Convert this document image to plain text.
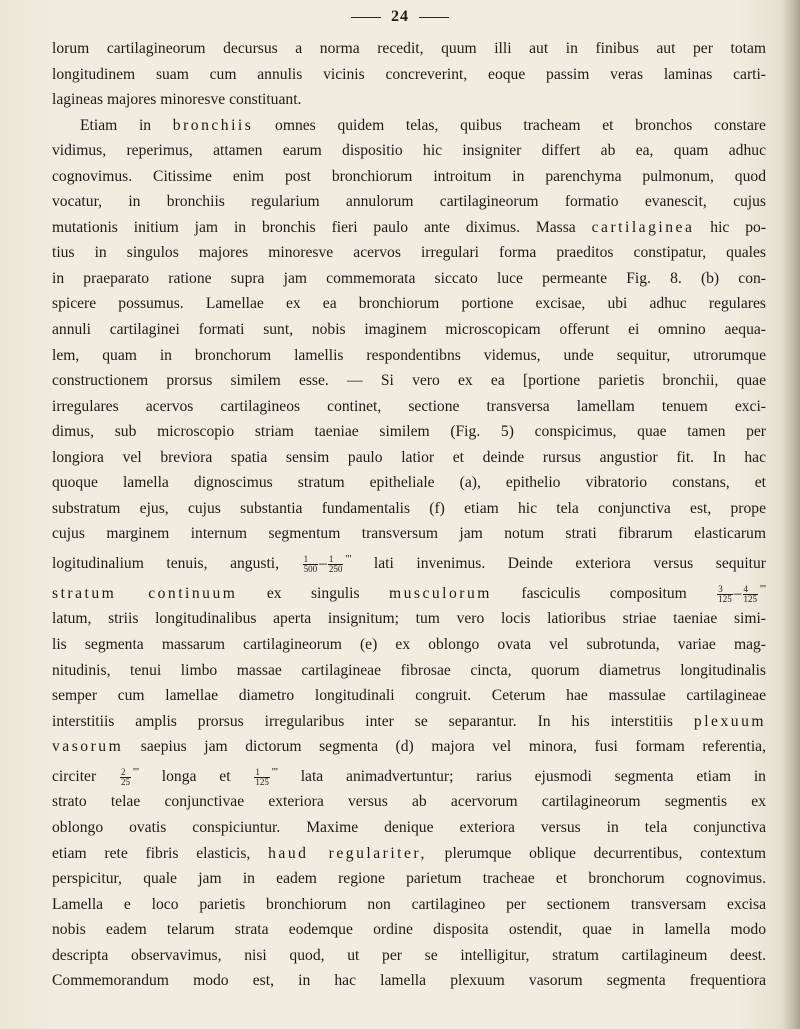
24
lorum cartilagineorum decursus a norma recedit, quum illi aut in finibus aut per totam
longitudinem suam cum annulis vicinis concreverint, eoque passim veras laminas carti-
lagineas majores minoresve constituant.
Etiam in bronchiis omnes quidem telas, quibus tracheam et bronchos constare
vidimus, reperimus, attamen earum dispositio hic insigniter differt ab ea, quam adhuc
cognovimus. Citissime enim post bronchiorum introitum in parenchyma pulmonum, quod
vocatur, in bronchiis regularium annulorum cartilagineorum formatio evanescit, cujus
mutationis initium jam in bronchis fieri paulo ante diximus. Massa cartilaginea hic po-
tius in singulos majores minoresve acervos irregulari forma praeditos constipatur, quales
in praeparato ratione supra jam commemorata siccato luce permeante Fig. 8. (b) con-
spicere possumus. Lamellae ex ea bronchiorum portione excisae, ubi adhuc regulares
annuli cartilaginei formati sunt, nobis imaginem microscopicam offerunt ei omnino aequa-
lem, quam in bronchorum lamellis respondentibns videmus, unde sequitur, utrorumque
constructionem prorsus similem esse. — Si vero ex ea [portione parietis bronchii, quae
irregulares acervos cartilagineos continet, sectione transversa lamellam tenuem exci-
dimus, sub microscopio striam taeniae similem (Fig. 5) conspicimus, quae tamen per
longiora vel breviora spatia sensim paulo latior et deinde rursus angustior fit. In hac
quoque lamella dignoscimus stratum epitheliale (a), epithelio vibratorio constans, et
substratum ejus, cujus substantia fundamentalis (f) etiam hic tela conjunctiva est, prope
cujus marginem internum segmentum transversum jam notum strati fibrarum elasticarum
logitudinalium tenuis, angusti,	$\frac{1}{500} - \frac{1}{250} '''$ lati invenimus. Deinde exteriora versus sequitur
stratum continuum ex singulis musculorum fasciculis compositum	$\frac{3}{125} - \frac{4}{125} '''$
latum, striis longitudinalibus aperta insignitum; tum vero locis latioribus striae taeniae simi-
lis segmenta massarum cartilagineorum (e) ex oblongo ovata vel subrotunda, variae mag-
nitudinis, tenui limbo massae cartilagineae fibrosae cincta, quorum diametrus longitudinalis
semper cum lamellae diametro longitudinali congruit. Ceterum hae massulae cartilagineae
interstitiis amplis prorsus irregularibus inter se separantur. In his interstitiis plexuum
vasorum saepius jam dictorum segmenta (d) majora vel minora, fusi formam referentia,
circiter	$\frac{2}{25} '''$ longa et	$\frac{1}{125} '''$ lata animadvertuntur; rarius ejusmodi segmenta etiam in
strato telae conjunctivae exteriora versus ab acervorum cartilagineorum segmentis ex
oblongo ovatis conspiciuntur. Maxime denique exteriora versus in tela conjunctiva
etiam rete fibris elasticis, haud regulariter, plerumque oblique decurrentibus, contextum
perspicitur, quale jam in eadem regione parietum tracheae et bronchorum cognovimus.
Lamella e loco parietis bronchiorum non cartilagineo per sectionem transversam excisa
nobis eadem telarum strata eodemque ordine disposita ostendit, quae in lamella modo
descripta observavimus, nisi quod, ut per se intelligitur, stratum cartilagineum deest.
Commemorandum modo est, in hac lamella plexuum vasorum segmenta frequentiora
